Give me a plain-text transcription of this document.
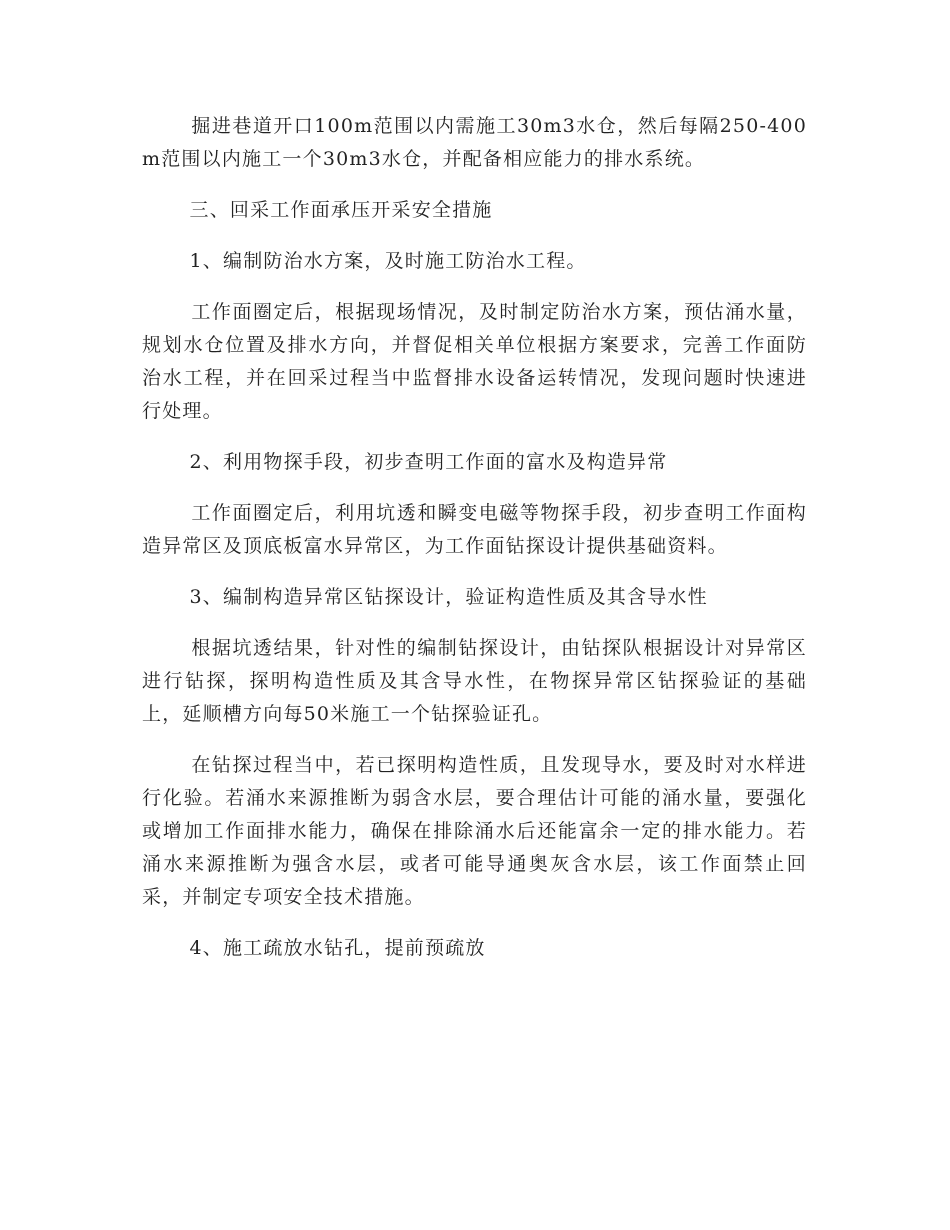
掘进巷道开口100m范围以内需施工30m3水仓，然后每隔250-400m范围以内施工一个30m3水仓，并配备相应能力的排水系统。

三、回采工作面承压开采安全措施

1、编制防治水方案，及时施工防治水工程。

工作面圈定后，根据现场情况，及时制定防治水方案，预估涌水量，规划水仓位置及排水方向，并督促相关单位根据方案要求，完善工作面防治水工程，并在回采过程当中监督排水设备运转情况，发现问题时快速进行处理。

2、利用物探手段，初步查明工作面的富水及构造异常

工作面圈定后，利用坑透和瞬变电磁等物探手段，初步查明工作面构造异常区及顶底板富水异常区，为工作面钻探设计提供基础资料。

3、编制构造异常区钻探设计，验证构造性质及其含导水性

根据坑透结果，针对性的编制钻探设计，由钻探队根据设计对异常区进行钻探，探明构造性质及其含导水性，在物探异常区钻探验证的基础上，延顺槽方向每50米施工一个钻探验证孔。

在钻探过程当中，若已探明构造性质，且发现导水，要及时对水样进行化验。若涌水来源推断为弱含水层，要合理估计可能的涌水量，要强化或增加工作面排水能力，确保在排除涌水后还能富余一定的排水能力。若涌水来源推断为强含水层，或者可能导通奥灰含水层，该工作面禁止回采，并制定专项安全技术措施。

4、施工疏放水钻孔，提前预疏放
